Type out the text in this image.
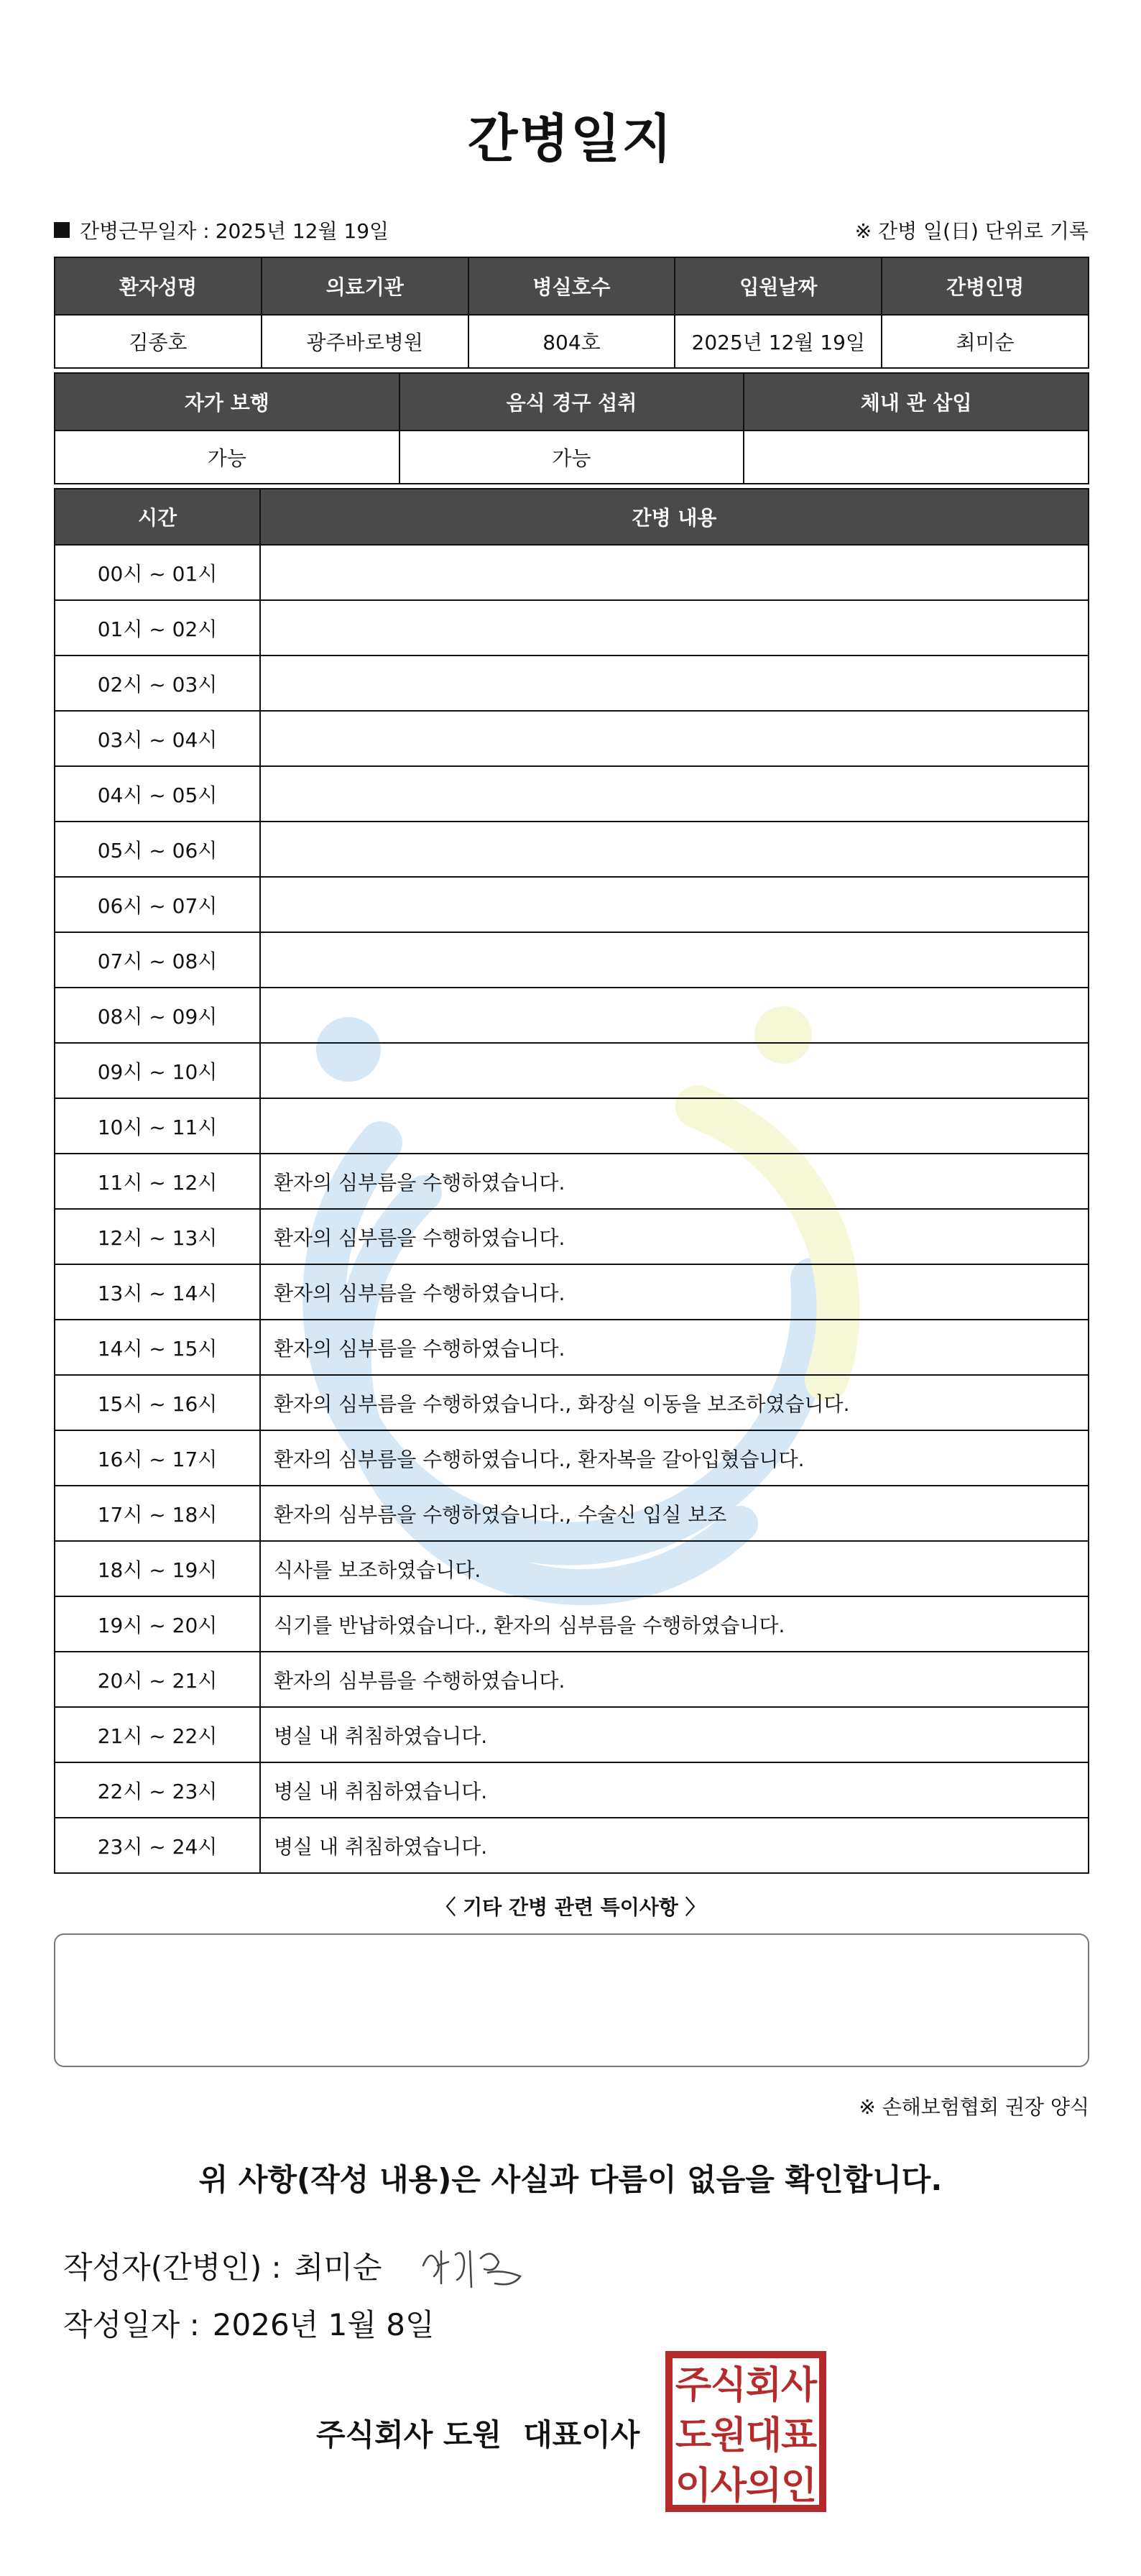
간병일지
간병근무일자 : 2025년 12월 19일	※ 간병 일(日) 단위로 기록
환자성명	의료기관	병실호수	입원날짜	간병인명
김종호	광주바로병원	804호	2025년 12월 19일	최미순
자가 보행	음식 경구 섭취	체내 관 삽입
가능	가능	
시간	간병 내용
00시 ~ 01시	
01시 ~ 02시	
02시 ~ 03시	
03시 ~ 04시	
04시 ~ 05시	
05시 ~ 06시	
06시 ~ 07시	
07시 ~ 08시	
08시 ~ 09시	
09시 ~ 10시	
10시 ~ 11시	
11시 ~ 12시	환자의 심부름을 수행하였습니다.
12시 ~ 13시	환자의 심부름을 수행하였습니다.
13시 ~ 14시	환자의 심부름을 수행하였습니다.
14시 ~ 15시	환자의 심부름을 수행하였습니다.
15시 ~ 16시	환자의 심부름을 수행하였습니다., 화장실 이동을 보조하였습니다.
16시 ~ 17시	환자의 심부름을 수행하였습니다., 환자복을 갈아입혔습니다.
17시 ~ 18시	환자의 심부름을 수행하였습니다., 수술신 입실 보조
18시 ~ 19시	식사를 보조하였습니다.
19시 ~ 20시	식기를 반납하였습니다., 환자의 심부름을 수행하였습니다.
20시 ~ 21시	환자의 심부름을 수행하였습니다.
21시 ~ 22시	병실 내 취침하였습니다.
22시 ~ 23시	병실 내 취침하였습니다.
23시 ~ 24시	병실 내 취침하였습니다.
〈 기타 간병 관련 특이사항 〉
※ 손해보험협회 권장 양식
위 사항(작성 내용)은 사실과 다름이 없음을 확인합니다.
작성자(간병인) : 최미순
작성일자 : 2026년 1월 8일
주식회사 도원 대표이사
주
식
회
사
도
원
대
표
이
사
의
인
